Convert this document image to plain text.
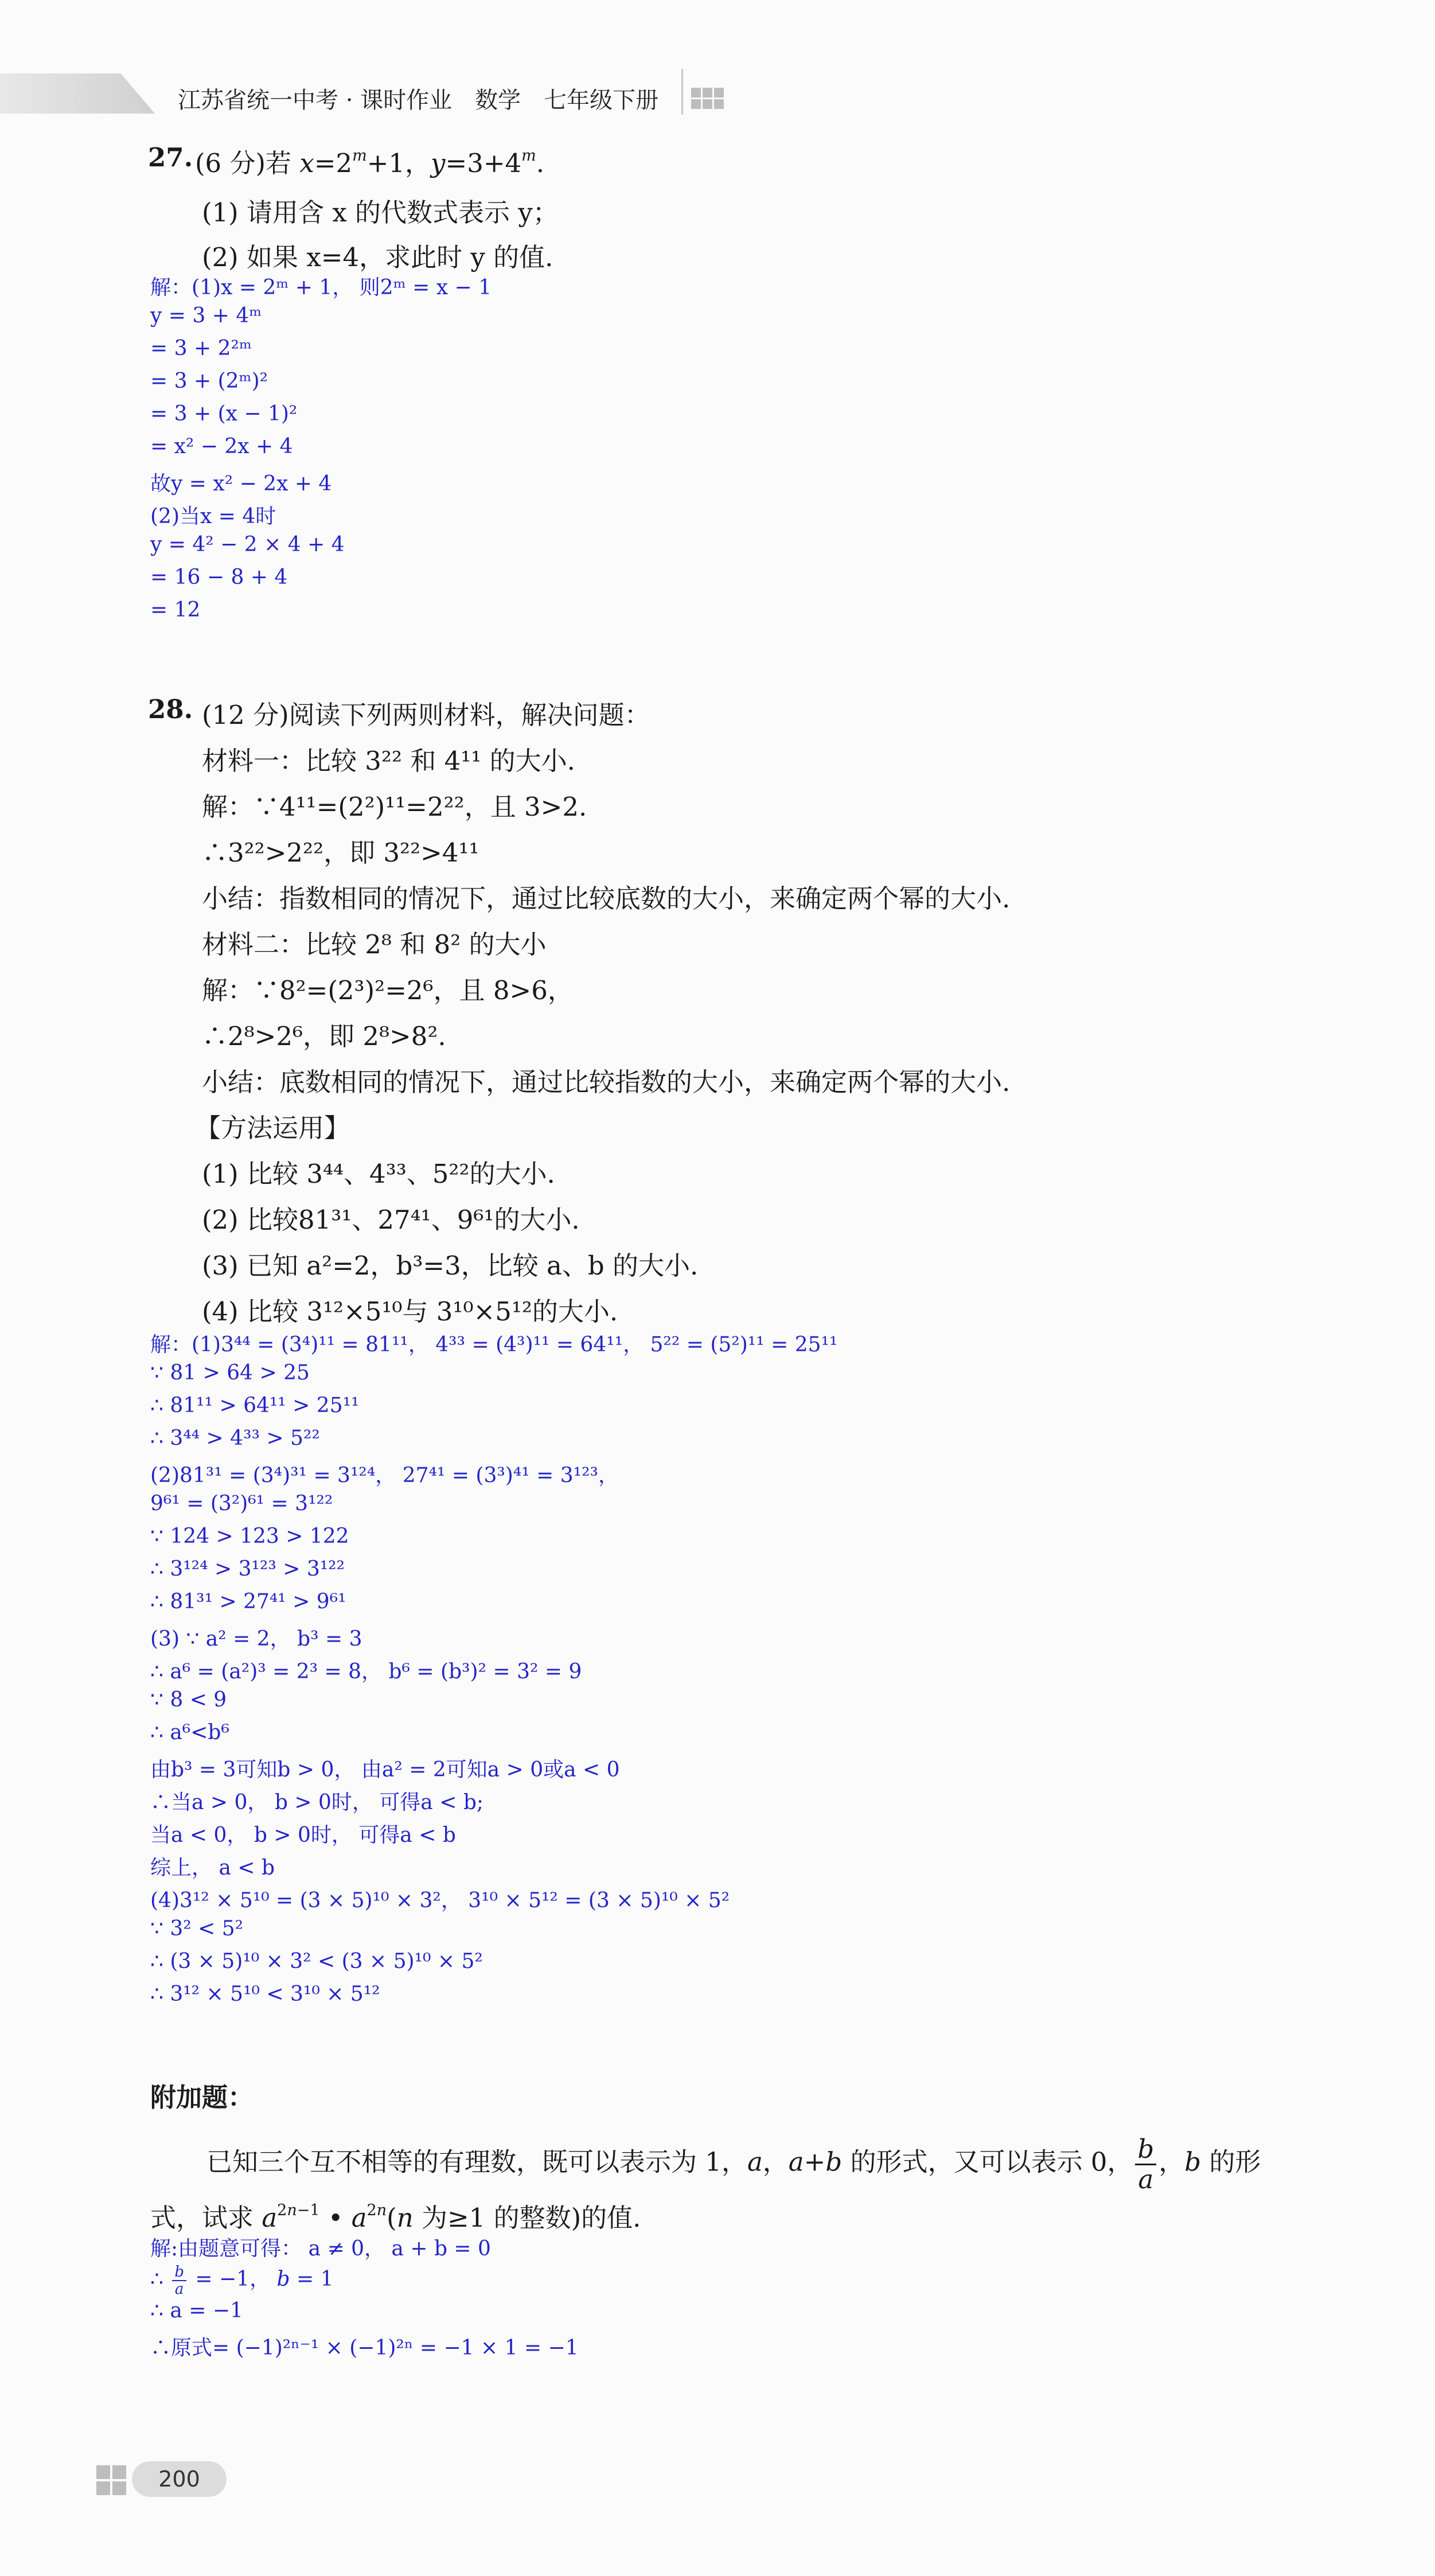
江苏省统一中考 · 课时作业　数学　七年级下册
27. (6 分)若 $x=2^m+1$，$y=3+4^m$.
(1) 请用含 x 的代数式表示 y；
(2) 如果 x=4，求此时 y 的值.
解：(1)x = 2ᵐ + 1， 则2ᵐ = x − 1
y = 3 + 4ᵐ
= 3 + 2²ᵐ
= 3 + (2ᵐ)²
= 3 + (x − 1)²
= x² − 2x + 4
故y = x² − 2x + 4
(2)当x = 4时
y = 4² − 2 × 4 + 4
= 16 − 8 + 4
= 12
28. (12 分)阅读下列两则材料，解决问题：
材料一：比较 3²² 和 4¹¹ 的大小.
解：∵4¹¹=(2²)¹¹=2²²，且 3>2.
∴3²²>2²²，即 3²²>4¹¹
小结：指数相同的情况下，通过比较底数的大小，来确定两个幂的大小.
材料二：比较 2⁸ 和 8² 的大小
解：∵8²=(2³)²=2⁶，且 8>6，
∴2⁸>2⁶，即 2⁸>8².
小结：底数相同的情况下，通过比较指数的大小，来确定两个幂的大小.
【方法运用】
(1) 比较 3⁴⁴、4³³、5²²的大小.
(2) 比较81³¹、27⁴¹、9⁶¹的大小.
(3) 已知 a²=2，b³=3，比较 a、b 的大小.
(4) 比较 3¹²×5¹⁰与 3¹⁰×5¹²的大小.
解：(1)3⁴⁴ = (3⁴)¹¹ = 81¹¹， 4³³ = (4³)¹¹ = 64¹¹， 5²² = (5²)¹¹ = 25¹¹
∵ 81 > 64 > 25
∴ 81¹¹ > 64¹¹ > 25¹¹
∴ 3⁴⁴ > 4³³ > 5²²
(2)81³¹ = (3⁴)³¹ = 3¹²⁴， 27⁴¹ = (3³)⁴¹ = 3¹²³，
9⁶¹ = (3²)⁶¹ = 3¹²²
∵ 124 > 123 > 122
∴ 3¹²⁴ > 3¹²³ > 3¹²²
∴ 81³¹ > 27⁴¹ > 9⁶¹
(3) ∵ a² = 2， b³ = 3
∴ a⁶ = (a²)³ = 2³ = 8， b⁶ = (b³)² = 3² = 9
∵ 8 < 9
∴ a⁶<b⁶
由b³ = 3可知b > 0， 由a² = 2可知a > 0或a < 0
∴当a > 0， b > 0时， 可得a < b;
当a < 0， b > 0时， 可得a < b
综上， a < b
(4)3¹² × 5¹⁰ = (3 × 5)¹⁰ × 3²， 3¹⁰ × 5¹² = (3 × 5)¹⁰ × 5²
∵ 3² < 5²
∴ (3 × 5)¹⁰ × 3² < (3 × 5)¹⁰ × 5²
∴ 3¹² × 5¹⁰ < 3¹⁰ × 5¹²
附加题：
已知三个互不相等的有理数，既可以表示为 1，a，a+b 的形式，又可以表示 0， $\frac{b}{a}$ ，b 的形
式，试求 $a^{2n-1}$ • $a^{2n}(n$ 为≥1 的整数)的值.
解:由题意可得： a ≠ 0， a + b = 0
∴ $\frac{b}{a} = -1$， b = 1
∴ a = −1
∴原式= (−1)²ⁿ⁻¹ × (−1)²ⁿ = −1 × 1 = −1
200
